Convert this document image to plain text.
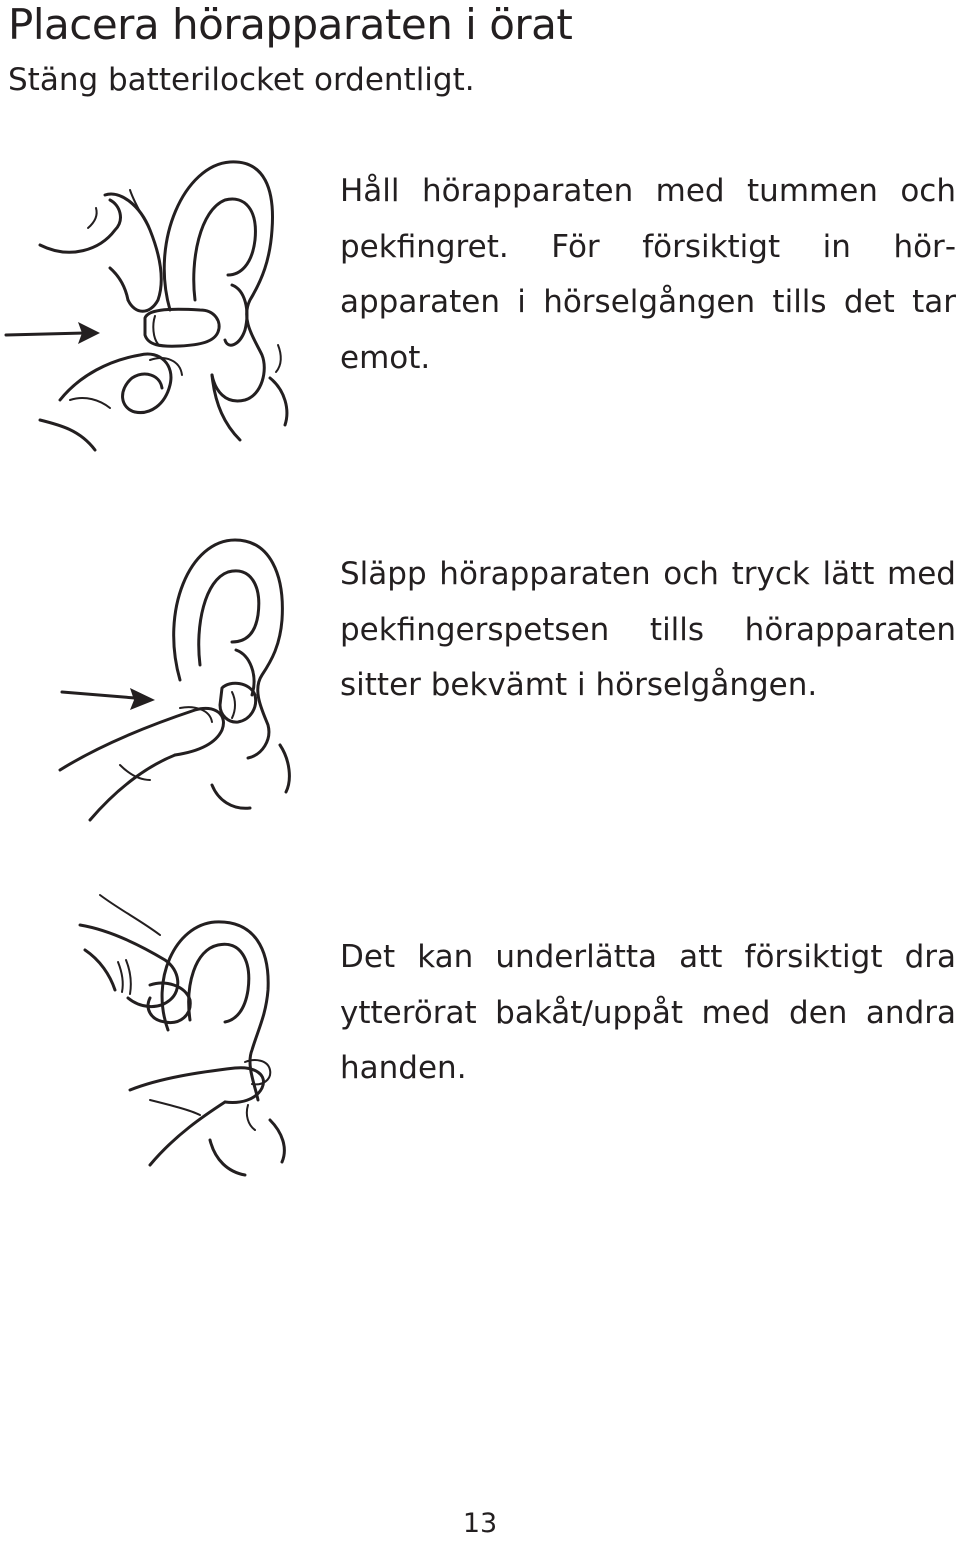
Placera hörapparaten i örat

Stäng batterilocket ordentligt.

Håll hörapparaten med tummen och pekfingret. För försiktigt in hörapparaten i hörselgången tills det tar emot.

Släpp hörapparaten och tryck lätt med pekfingerspetsen tills hörapparaten sitter bekvämt i hörselgången.

Det kan underlätta att försiktigt dra ytterörat bakåt/uppåt med den andra handen.

13
